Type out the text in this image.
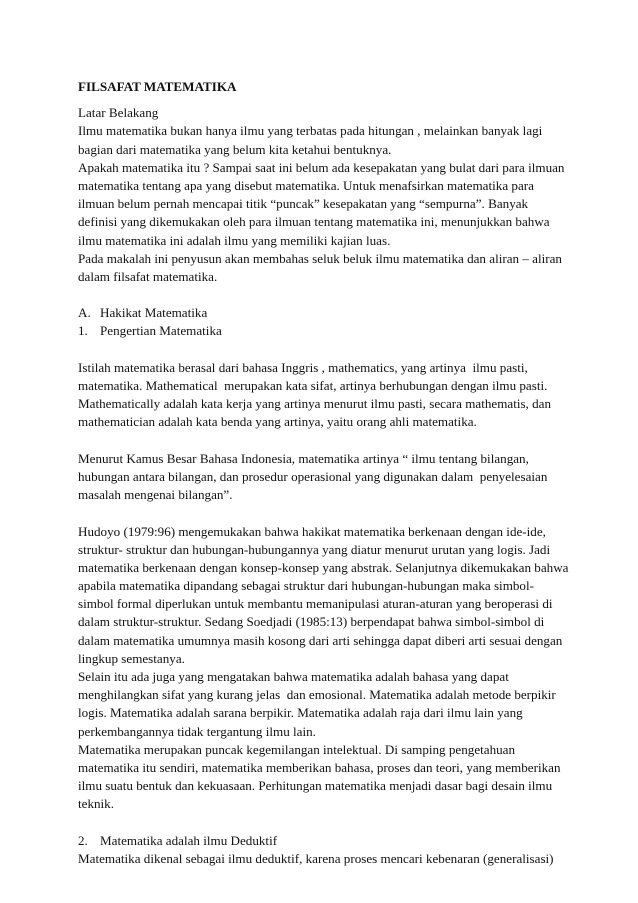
FILSAFAT MATEMATIKA
Latar Belakang
Ilmu matematika bukan hanya ilmu yang terbatas pada hitungan , melainkan banyak lagi
bagian dari matematika yang belum kita ketahui bentuknya.
Apakah matematika itu ? Sampai saat ini belum ada kesepakatan yang bulat dari para ilmuan
matematika tentang apa yang disebut matematika. Untuk menafsirkan matematika para
ilmuan belum pernah mencapai titik “puncak” kesepakatan yang “sempurna”. Banyak
definisi yang dikemukakan oleh para ilmuan tentang matematika ini, menunjukkan bahwa
ilmu matematika ini adalah ilmu yang memiliki kajian luas.
Pada makalah ini penyusun akan membahas seluk beluk ilmu matematika dan aliran – aliran
dalam filsafat matematika.
A. Hakikat Matematika
1. Pengertian Matematika
Istilah matematika berasal dari bahasa Inggris , mathematics, yang artinya  ilmu pasti,
matematika. Mathematical  merupakan kata sifat, artinya berhubungan dengan ilmu pasti.
Mathematically adalah kata kerja yang artinya menurut ilmu pasti, secara mathematis, dan
mathematician adalah kata benda yang artinya, yaitu orang ahli matematika.
Menurut Kamus Besar Bahasa Indonesia, matematika artinya “ ilmu tentang bilangan,
hubungan antara bilangan, dan prosedur operasional yang digunakan dalam  penyelesaian
masalah mengenai bilangan”.
Hudoyo (1979:96) mengemukakan bahwa hakikat matematika berkenaan dengan ide-ide,
struktur- struktur dan hubungan-hubungannya yang diatur menurut urutan yang logis. Jadi
matematika berkenaan dengan konsep-konsep yang abstrak. Selanjutnya dikemukakan bahwa
apabila matematika dipandang sebagai struktur dari hubungan-hubungan maka simbol-
simbol formal diperlukan untuk membantu memanipulasi aturan-aturan yang beroperasi di
dalam struktur-struktur. Sedang Soedjadi (1985:13) berpendapat bahwa simbol-simbol di
dalam matematika umumnya masih kosong dari arti sehingga dapat diberi arti sesuai dengan
lingkup semestanya.
Selain itu ada juga yang mengatakan bahwa matematika adalah bahasa yang dapat
menghilangkan sifat yang kurang jelas  dan emosional. Matematika adalah metode berpikir
logis. Matematika adalah sarana berpikir. Matematika adalah raja dari ilmu lain yang
perkembangannya tidak tergantung ilmu lain.
Matematika merupakan puncak kegemilangan intelektual. Di samping pengetahuan
matematika itu sendiri, matematika memberikan bahasa, proses dan teori, yang memberikan
ilmu suatu bentuk dan kekuasaan. Perhitungan matematika menjadi dasar bagi desain ilmu
teknik.
2. Matematika adalah ilmu Deduktif
Matematika dikenal sebagai ilmu deduktif, karena proses mencari kebenaran (generalisasi)
